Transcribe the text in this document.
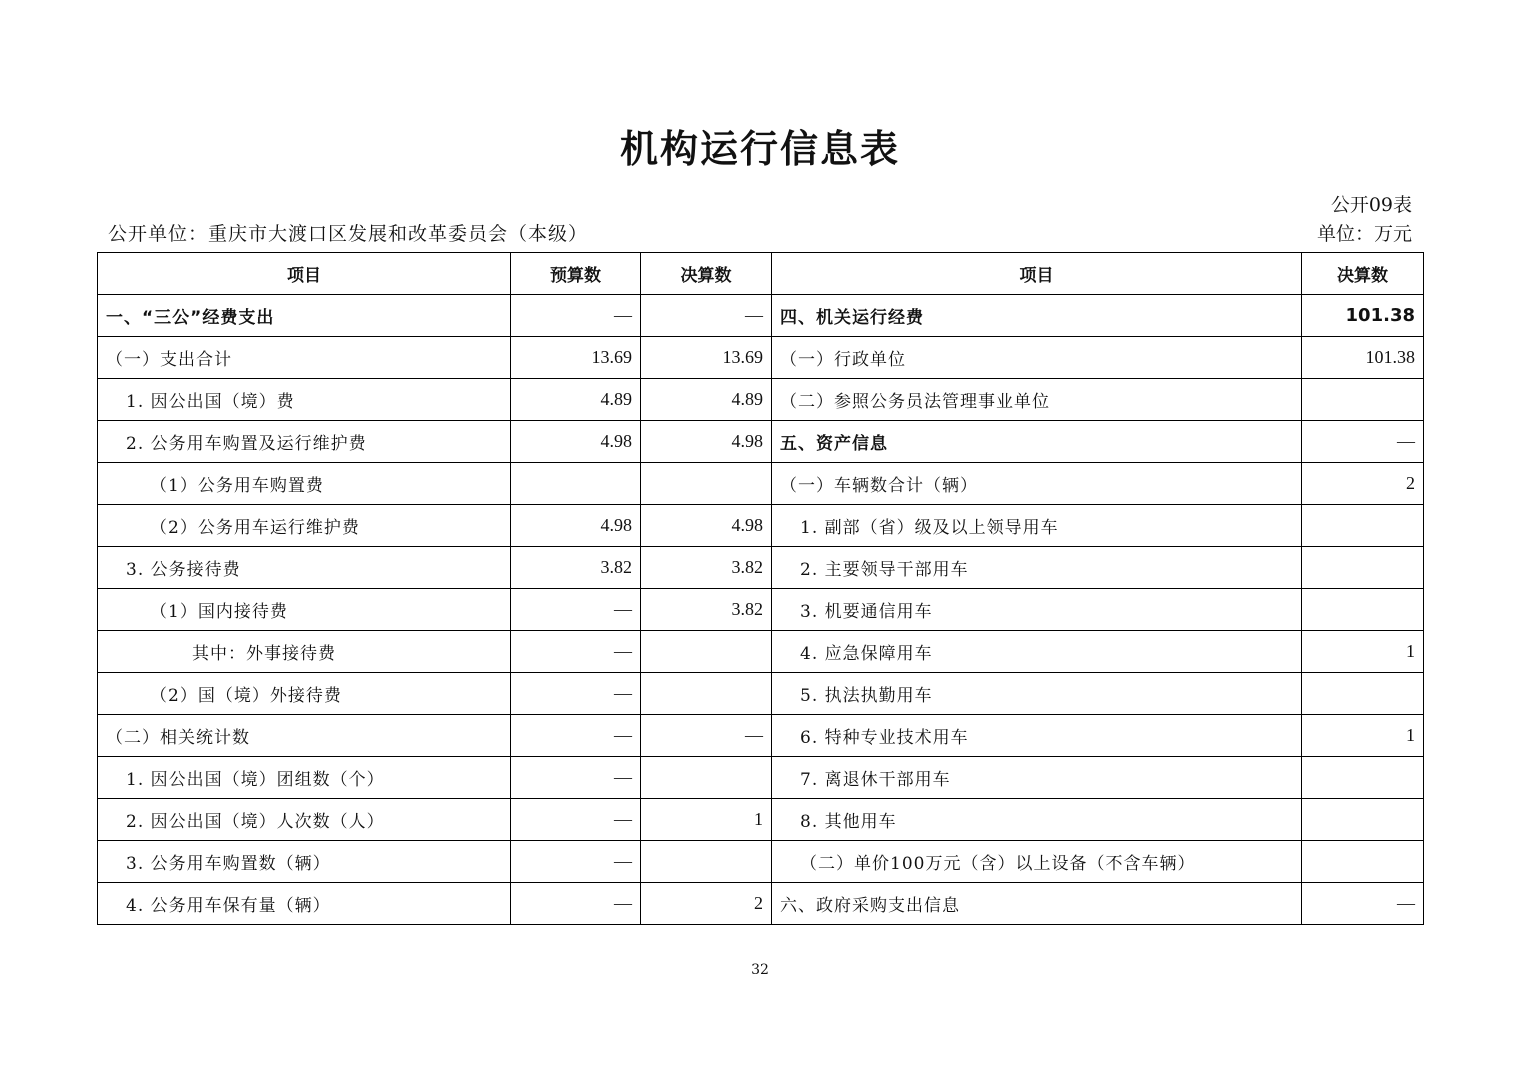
机构运行信息表
公开09表
公开单位：重庆市大渡口区发展和改革委员会（本级）	单位：万元
项目	预算数	决算数	项目	决算数
一、“三公”经费支出	—	—	四、机关运行经费	101.38
（一）支出合计	13.69	13.69	（一）行政单位	101.38
1. 因公出国（境）费	4.89	4.89	（二）参照公务员法管理事业单位	
2. 公务用车购置及运行维护费	4.98	4.98	五、资产信息	—
（1）公务用车购置费			（一）车辆数合计（辆）	2
（2）公务用车运行维护费	4.98	4.98	1. 副部（省）级及以上领导用车	
3. 公务接待费	3.82	3.82	2. 主要领导干部用车	
（1）国内接待费	—	3.82	3. 机要通信用车	
其中：外事接待费	—		4. 应急保障用车	1
（2）国（境）外接待费	—		5. 执法执勤用车	
（二）相关统计数	—	—	6. 特种专业技术用车	1
1. 因公出国（境）团组数（个）	—		7. 离退休干部用车	
2. 因公出国（境）人次数（人）	—	1	8. 其他用车	
3. 公务用车购置数（辆）	—		（二）单价100万元（含）以上设备（不含车辆）	
4. 公务用车保有量（辆）	—	2	六、政府采购支出信息	—
32
